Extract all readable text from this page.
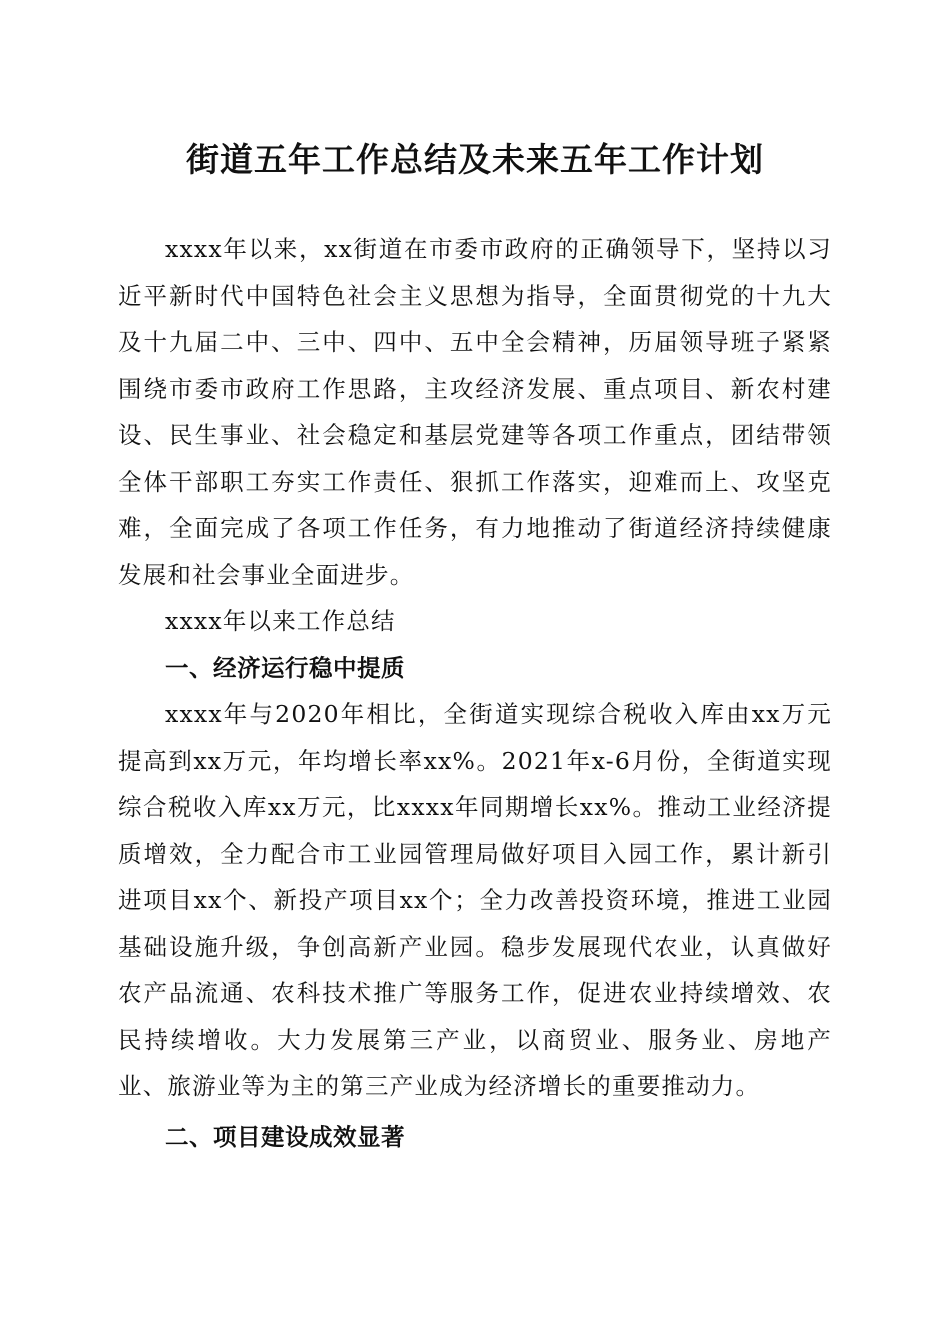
街道五年工作总结及未来五年工作计划

xxxx年以来，xx街道在市委市政府的正确领导下，坚持以习近平新时代中国特色社会主义思想为指导，全面贯彻党的十九大及十九届二中、三中、四中、五中全会精神，历届领导班子紧紧围绕市委市政府工作思路，主攻经济发展、重点项目、新农村建设、民生事业、社会稳定和基层党建等各项工作重点，团结带领全体干部职工夯实工作责任、狠抓工作落实，迎难而上、攻坚克难，全面完成了各项工作任务，有力地推动了街道经济持续健康发展和社会事业全面进步。

xxxx年以来工作总结

一、经济运行稳中提质

xxxx年与2020年相比，全街道实现综合税收入库由xx万元提高到xx万元，年均增长率xx%。2021年x-6月份，全街道实现综合税收入库xx万元，比xxxx年同期增长xx%。推动工业经济提质增效，全力配合市工业园管理局做好项目入园工作，累计新引进项目xx个、新投产项目xx个；全力改善投资环境，推进工业园基础设施升级，争创高新产业园。稳步发展现代农业，认真做好农产品流通、农科技术推广等服务工作，促进农业持续增效、农民持续增收。大力发展第三产业，以商贸业、服务业、房地产业、旅游业等为主的第三产业成为经济增长的重要推动力。

二、项目建设成效显著
